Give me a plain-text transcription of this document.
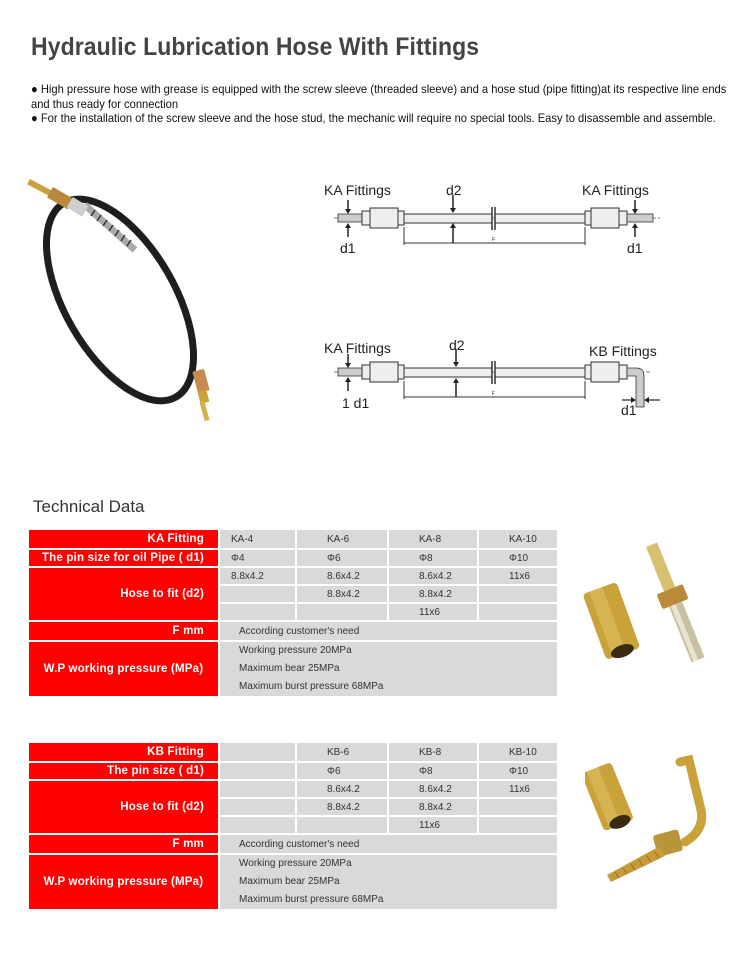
Hydraulic Lubrication Hose With Fittings

● High pressure hose with grease is equipped with the screw sleeve (threaded sleeve) and a hose stud (pipe fitting)at its respective line ends and thus ready for connection

● For the installation of the screw sleeve and the hose stud, the mechanic will require no special tools. Easy to disassemble and assemble.

KA Fittings	KA Fittings
d2
d1	d1
F
KA Fittings	KB Fittings
d2
1 d1	d1
F
Technical Data
KA Fitting	KA-4	KA-6	KA-8	KA-10
The pin size for oil Pipe ( d1)	Φ4	Φ6	Φ8	Φ10
Hose to fit (d2)	8.8x4.2	8.6x4.2	8.6x4.2	11x6
		8.8x4.2	8.8x4.2	
			11x6	
F mm	According customer's need			
W.P working pressure (MPa)	Working pressure 20MPa
Maximum bear 25MPa
Maximum burst pressure 68MPa			
KB Fitting		KB-6	KB-8	KB-10
The pin size ( d1)		Φ6	Φ8	Φ10
Hose to fit (d2)		8.6x4.2	8.6x4.2	11x6
		8.8x4.2	8.8x4.2	
			11x6	
F mm	According customer's need			
W.P working pressure (MPa)	Working pressure 20MPa
Maximum bear 25MPa
Maximum burst pressure 68MPa			
